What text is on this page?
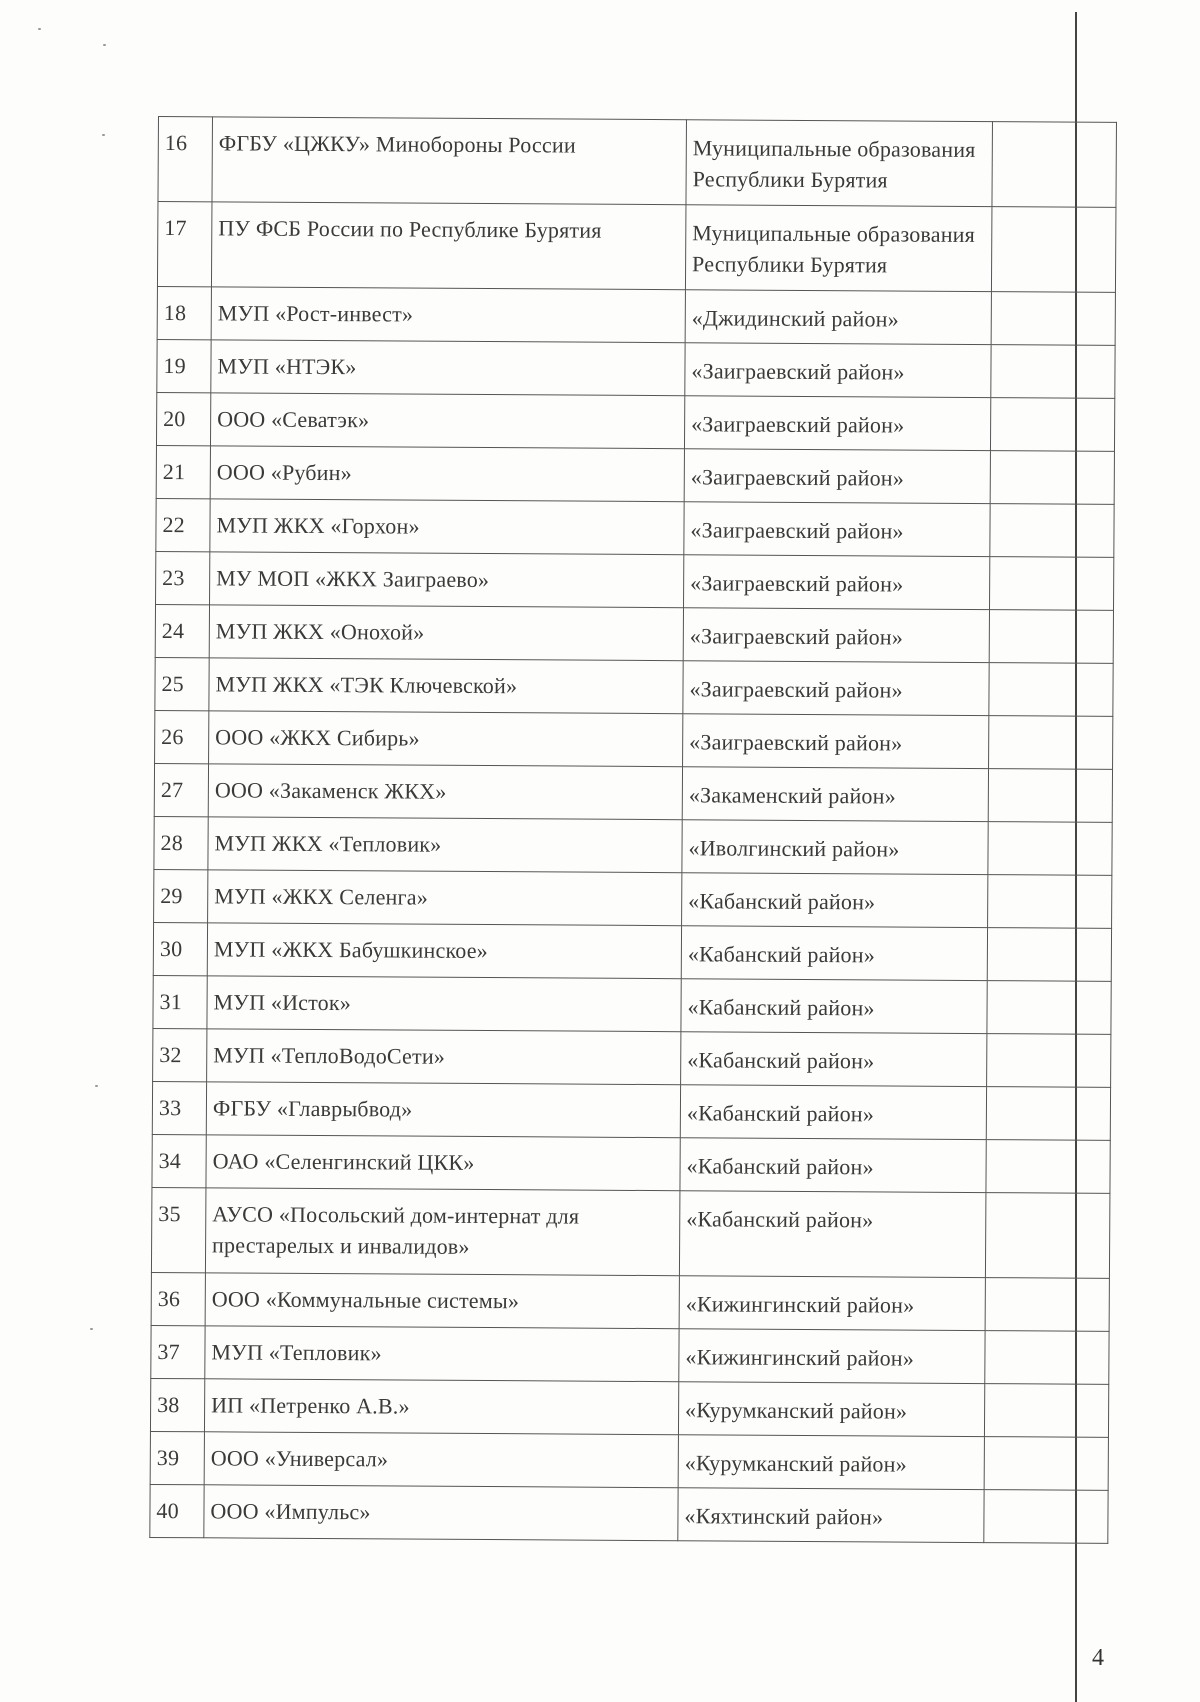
16	ФГБУ «ЦЖКУ» Минобороны России	Муниципальные образования Республики Бурятия	
17	ПУ ФСБ России по Республике Бурятия	Муниципальные образования Республики Бурятия	
18	МУП «Рост-инвест»	«Джидинский район»	
19	МУП «НТЭК»	«Заиграевский район»	
20	ООО «Севатэк»	«Заиграевский район»	
21	ООО «Рубин»	«Заиграевский район»	
22	МУП ЖКХ «Горхон»	«Заиграевский район»	
23	МУ МОП «ЖКХ Заиграево»	«Заиграевский район»	
24	МУП ЖКХ «Онохой»	«Заиграевский район»	
25	МУП ЖКХ «ТЭК Ключевской»	«Заиграевский район»	
26	ООО «ЖКХ Сибирь»	«Заиграевский район»	
27	ООО «Закаменск ЖКХ»	«Закаменский район»	
28	МУП ЖКХ «Тепловик»	«Иволгинский район»	
29	МУП «ЖКХ Селенга»	«Кабанский район»	
30	МУП «ЖКХ Бабушкинское»	«Кабанский район»	
31	МУП «Исток»	«Кабанский район»	
32	МУП «ТеплоВодоСети»	«Кабанский район»	
33	ФГБУ «Главрыбвод»	«Кабанский район»	
34	ОАО «Селенгинский ЦКК»	«Кабанский район»	
35	АУСО «Посольский дом-интернат для престарелых и инвалидов»	«Кабанский район»	
36	ООО «Коммунальные системы»	«Кижингинский район»	
37	МУП «Тепловик»	«Кижингинский район»	
38	ИП «Петренко А.В.»	«Курумканский район»	
39	ООО «Универсал»	«Курумканский район»	
40	ООО «Импульс»	«Кяхтинский район»	
4
